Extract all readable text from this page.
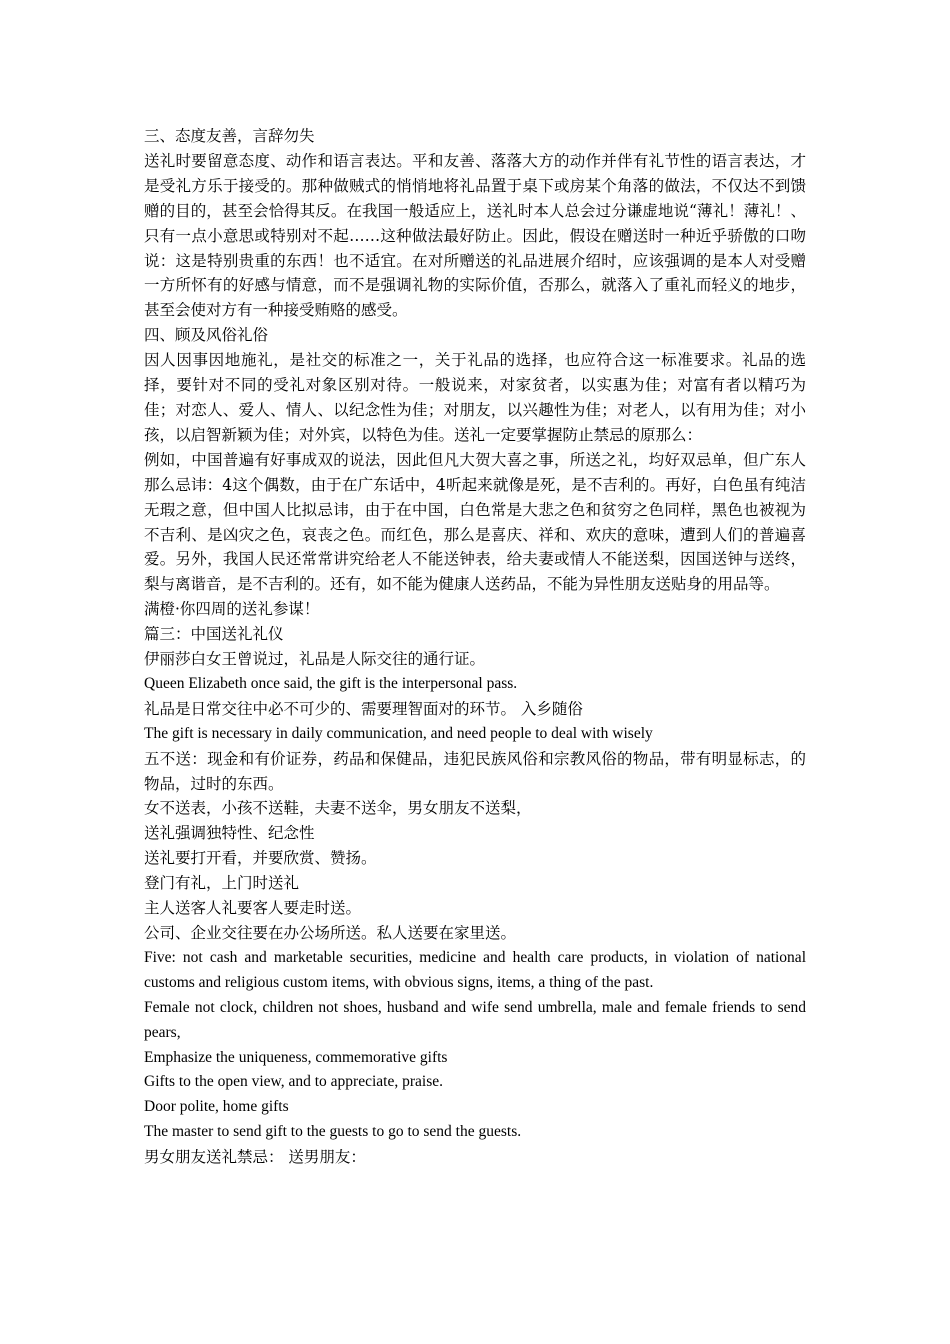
三、态度友善，言辞勿失

送礼时要留意态度、动作和语言表达。平和友善、落落大方的动作并伴有礼节性的语言表达，才是受礼方乐于接受的。那种做贼式的悄悄地将礼品置于桌下或房某个角落的做法，不仅达不到馈赠的目的，甚至会恰得其反。在我国一般适应上，送礼时本人总会过分谦虚地说“薄礼！薄礼！、只有一点小意思或特别对不起……这种做法最好防止。因此，假设在赠送时一种近乎骄傲的口吻说：这是特别贵重的东西！也不适宜。在对所赠送的礼品进展介绍时，应该强调的是本人对受赠一方所怀有的好感与情意，而不是强调礼物的实际价值，否那么，就落入了重礼而轻义的地步，甚至会使对方有一种接受贿赂的感受。

四、顾及风俗礼俗

因人因事因地施礼，是社交的标准之一，关于礼品的选择，也应符合这一标准要求。礼品的选择，要针对不同的受礼对象区别对待。一般说来，对家贫者，以实惠为佳；对富有者以精巧为佳；对恋人、爱人、情人、以纪念性为佳；对朋友，以兴趣性为佳；对老人，以有用为佳；对小孩，以启智新颖为佳；对外宾，以特色为佳。送礼一定要掌握防止禁忌的原那么：

例如，中国普遍有好事成双的说法，因此但凡大贺大喜之事，所送之礼，均好双忌单，但广东人那么忌讳：4这个偶数，由于在广东话中，4听起来就像是死，是不吉利的。再好，白色虽有纯洁无瑕之意，但中国人比拟忌讳，由于在中国，白色常是大悲之色和贫穷之色同样，黑色也被视为不吉利、是凶灾之色，哀丧之色。而红色，那么是喜庆、祥和、欢庆的意味，遭到人们的普遍喜爱。另外，我国人民还常常讲究给老人不能送钟表，给夫妻或情人不能送梨，因国送钟与送终，梨与离谐音，是不吉利的。还有，如不能为健康人送药品，不能为异性朋友送贴身的用品等。

满橙·你四周的送礼参谋！

篇三：中国送礼礼仪

伊丽莎白女王曾说过，礼品是人际交往的通行证。

Queen Elizabeth once said, the gift is the interpersonal pass.

礼品是日常交往中必不可少的、需要理智面对的环节。 入乡随俗

The gift is necessary in daily communication, and need people to deal with wisely

五不送：现金和有价证券，药品和保健品，违犯民族风俗和宗教风俗的物品，带有明显标志，的物品，过时的东西。

女不送表，小孩不送鞋，夫妻不送伞，男女朋友不送梨，

送礼强调独特性、纪念性

送礼要打开看，并要欣赏、赞扬。

登门有礼，上门时送礼

主人送客人礼要客人要走时送。

公司、企业交往要在办公场所送。私人送要在家里送。

Five: not cash and marketable securities, medicine and health care products, in violation of national customs and religious custom items, with obvious signs, items, a thing of the past.

Female not clock, children not shoes, husband and wife send umbrella, male and female friends to send pears,

Emphasize the uniqueness, commemorative gifts

Gifts to the open view, and to appreciate, praise.

Door polite, home gifts

The master to send gift to the guests to go to send the guests.

男女朋友送礼禁忌： 送男朋友：
